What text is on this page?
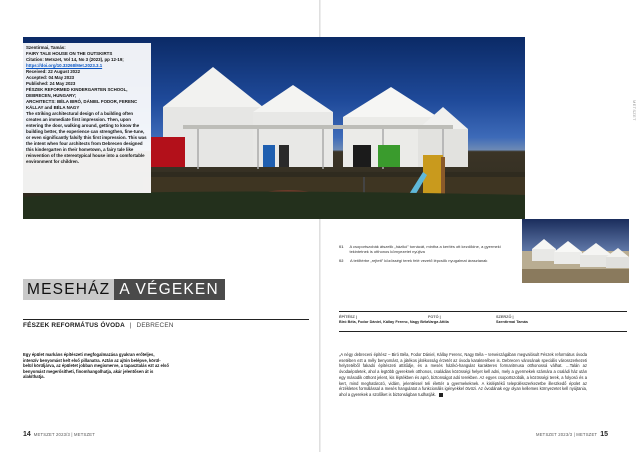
Szentirmai, Tamás:
FAIRY TALE HOUSE ON THE OUTSKIRTS
Citation: Metszet, Vol 14, No 3 (2023), pp 12-19;
https://doi.org/10.33268/Met.2023.3.1
Received: 22 August 2022
Accepted: 04 May 2023
Published: 24 May 2023
FÉSZEK REFORMED KINDERGARTEN SCHOOL, DEBRECEN, HUNGARY;
ARCHITECTS: BÉLA BIRÓ, DÁNIEL FODOR, FERENC KÁLLAY and BÉLA NAGY
The striking architectural design of a building often creates an immediate first impression. Then, upon entering the door, walking around, getting to know the building better, the experience can strengthen, fine-tune, or even significantly falsify this first impression. This was the intent when four architects from Debrecen designed this kindergarten in their hometown, a fairy tale like reinvention of the stereotypical house into a comfortable environment for children.
METSZET
01 A csoportszobák átszelik „házikó” tornácát, mintha a kerítés ott kezdődne, a gyermeki tekintetnek is otthonos környezetet nyújtva
02 A tetőtérbe „rejtett” közösségi terek felé vezető lépcsők nyugalmat árasztanak
MESEHÁZ A VÉGEKEN
FÉSZEK REFORMÁTUS ÓVODA | DEBRECEN
ÉPÍTÉSZ |
Biró Béla, Fodor Dániel, Kállay Ferenc, Nagy Béla
FOTÓ |
Varga Attila
SZERZŐ |
Szentirmai Tamás
Egy épület markáns építészeti megfogalmazása gyakran erőteljes, intenzív benyomást kelt első pillanatra. Aztán az ajtón belépve, körül-belül körüljárva, az épületet jobban megismerve, a tapasztalás ezt az első benyomást megerősítheti, finomhangolhatja, akár jelentősen át is alakíthatja.
„A négy debreceni építész – Biró Béla, Fodor Dániel, Kállay Ferenc, Nagy Béla – terveiszágában megvalósult Fészek református óvoda esetében ezt a mély benyomást, a játékos játékosság érzetét az óvoda karakterében is. Debrecen városának speciális városszerkezeti helyzetéből fakadó építészeti attitűdje, és a mesés házikó-hangulat karakteres formaritmusa otthonossá válhat. …Talán az óvodaépületek, ahol a legtöbb gyereknek otthonos, családias közösségi helyet kell adni, mely a gyermekek számára a családi ház után egy második otthont jelent, kis léptékben és apró, biztonságot adó terekben. Az egyes csoportszobák, a közösségi terek, a folyosó és a kert, mind meghatározó, vidám, jelentéssel teli élettér a gyermekeknek. A kisléptékű településszerkezetbe illeszkedő épület az érzékletes formálással a mesés hangulatot a funkcionális igényekkel ötvözi. Az óvodának egy olyan kellemes környezetet kell nyújtania, ahol a gyerekek a szülőket is biztonságban tudhatják.
14 METSZET 2023/3 | METSZET	METSZET 2023/3 | METSZET 15
